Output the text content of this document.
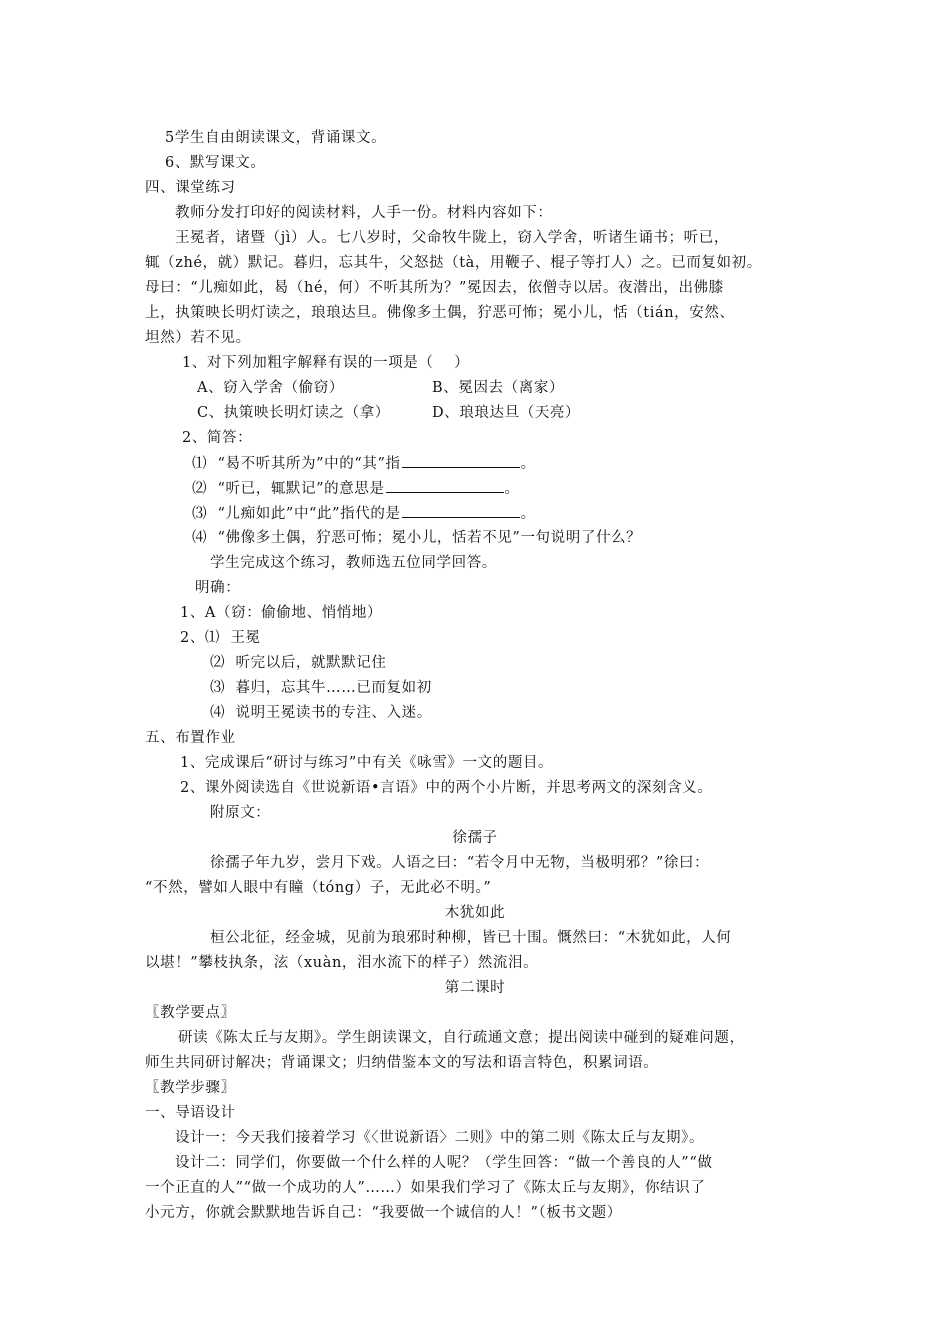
5学生自由朗读课文，背诵课文。
6、默写课文。
四、课堂练习
教师分发打印好的阅读材料，人手一份。材料内容如下：
王冕者，诸暨（jì）人。七八岁时，父命牧牛陇上，窃入学舍，听诸生诵书；听已，
辄（zhé，就）默记。暮归，忘其牛，父怒挞（tà，用鞭子、棍子等打人）之。已而复如初。
母曰：“儿痴如此，曷（hé，何）不听其所为？”冕因去，依僧寺以居。夜潜出，出佛膝
上，执策映长明灯读之，琅琅达旦。佛像多土偶，狞恶可怖；冕小儿，恬（tián，安然、
坦然）若不见。
1、对下列加粗字解释有误的一项是（    ）
A、窃入学舍（偷窃）	B、冕因去（离家）
C、执策映长明灯读之（拿）	D、琅琅达旦（天亮）
2、简答：
⑴  “曷不听其所为”中的“其”指	。
⑵  “听已，辄默记”的意思是	。
⑶  “儿痴如此”中“此”指代的是	。
⑷  “佛像多土偶，狞恶可怖；冕小儿，恬若不见”一句说明了什么？
学生完成这个练习，教师选五位同学回答。
明确：
1、A（窃：偷偷地、悄悄地）
2、⑴  王冕
⑵  听完以后，就默默记住
⑶  暮归，忘其牛……已而复如初
⑷  说明王冕读书的专注、入迷。
五、布置作业
1、完成课后“研讨与练习”中有关《咏雪》一文的题目。
2、课外阅读选自《世说新语•言语》中的两个小片断，并思考两文的深刻含义。
附原文：
徐孺子
徐孺子年九岁，尝月下戏。人语之曰：“若令月中无物，当极明邪？”徐曰：
“不然，譬如人眼中有瞳（tóng）子，无此必不明。”
木犹如此
桓公北征，经金城，见前为琅邪时种柳，皆已十围。慨然曰：“木犹如此，人何
以堪！”攀枝执条，泫（xuàn，泪水流下的样子）然流泪。
第二课时
〖教学要点〗
研读《陈太丘与友期》。学生朗读课文，自行疏通文意；提出阅读中碰到的疑难问题，
师生共同研讨解决；背诵课文；归纳借鉴本文的写法和语言特色，积累词语。
〖教学步骤〗
一、导语设计
设计一：今天我们接着学习《〈世说新语〉二则》中的第二则《陈太丘与友期》。
设计二：同学们，你要做一个什么样的人呢？（学生回答：“做一个善良的人”“做
一个正直的人”“做一个成功的人”……）如果我们学习了《陈太丘与友期》，你结识了
小元方，你就会默默地告诉自己：“我要做一个诚信的人！”（板书文题）
